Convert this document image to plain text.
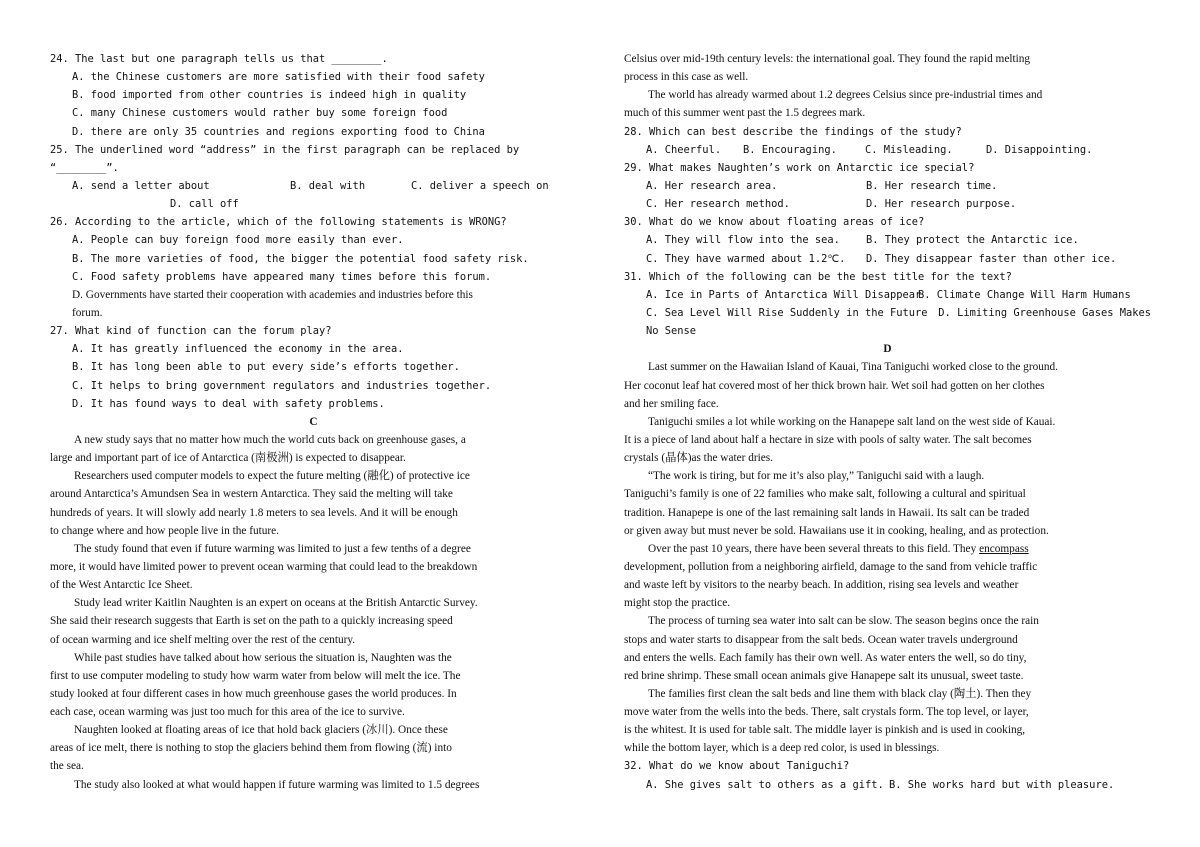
24. The last but one paragraph tells us that ________.
A. the Chinese customers are more satisfied with their food safety
B. food imported from other countries is indeed high in quality
C. many Chinese customers would rather buy some foreign food
D. there are only 35 countries and regions exporting food to China
25. The underlined word “address” in the first paragraph can be replaced by
“________”.
A. send a letter about	B. deal with	C. deliver a speech on
D. call off
26. According to the article, which of the following statements is WRONG?
A. People can buy foreign food more easily than ever.
B. The more varieties of food, the bigger the potential food safety risk.
C. Food safety problems have appeared many times before this forum.
D. Governments have started their cooperation with academies and industries before this
forum.
27. What kind of function can the forum play?
A. It has greatly influenced the economy in the area.
B. It has long been able to put every side’s efforts together.
C. It helps to bring government regulators and industries together.
D. It has found ways to deal with safety problems.
C
A new study says that no matter how much the world cuts back on greenhouse gases, a
large and important part of ice of Antarctica (南极洲) is expected to disappear.
Researchers used computer models to expect the future melting (融化) of protective ice
around Antarctica’s Amundsen Sea in western Antarctica. They said the melting will take
hundreds of years. It will slowly add nearly 1.8 meters to sea levels. And it will be enough
to change where and how people live in the future.
The study found that even if future warming was limited to just a few tenths of a degree
more, it would have limited power to prevent ocean warming that could lead to the breakdown
of the West Antarctic Ice Sheet.
Study lead writer Kaitlin Naughten is an expert on oceans at the British Antarctic Survey.
She said their research suggests that Earth is set on the path to a quickly increasing speed
of ocean warming and ice shelf melting over the rest of the century.
While past studies have talked about how serious the situation is, Naughten was the
first to use computer modeling to study how warm water from below will melt the ice. The
study looked at four different cases in how much greenhouse gases the world produces. In
each case, ocean warming was just too much for this area of the ice to survive.
Naughten looked at floating areas of ice that hold back glaciers (冰川). Once these
areas of ice melt, there is nothing to stop the glaciers behind them from flowing (流) into
the sea.
The study also looked at what would happen if future warming was limited to 1.5 degrees
Celsius over mid-19th century levels: the international goal. They found the rapid melting
process in this case as well.
The world has already warmed about 1.2 degrees Celsius since pre-industrial times and
much of this summer went past the 1.5 degrees mark.
28. Which can best describe the findings of the study?
A. Cheerful.	B. Encouraging.	C. Misleading.	D. Disappointing.
29. What makes Naughten’s work on Antarctic ice special?
A. Her research area.	B. Her research time.
C. Her research method.	D. Her research purpose.
30. What do we know about floating areas of ice?
A. They will flow into the sea.	B. They protect the Antarctic ice.
C. They have warmed about 1.2℃.	D. They disappear faster than other ice.
31. Which of the following can be the best title for the text?
A. Ice in Parts of Antarctica Will Disappear
B. Climate Change Will Harm Humans
C. Sea Level Will Rise Suddenly in the Future	D. Limiting Greenhouse Gases Makes
No Sense
D
Last summer on the Hawaiian Island of Kauai, Tina Taniguchi worked close to the ground.
Her coconut leaf hat covered most of her thick brown hair. Wet soil had gotten on her clothes
and her smiling face.
Taniguchi smiles a lot while working on the Hanapepe salt land on the west side of Kauai.
It is a piece of land about half a hectare in size with pools of salty water. The salt becomes
crystals (晶体)as the water dries.
“The work is tiring, but for me it’s also play,” Taniguchi said with a laugh.
Taniguchi’s family is one of 22 families who make salt, following a cultural and spiritual
tradition. Hanapepe is one of the last remaining salt lands in Hawaii. Its salt can be traded
or given away but must never be sold. Hawaiians use it in cooking, healing, and as protection.
Over the past 10 years, there have been several threats to this field. They encompass
development, pollution from a neighboring airfield, damage to the sand from vehicle traffic
and waste left by visitors to the nearby beach. In addition, rising sea levels and weather
might stop the practice.
The process of turning sea water into salt can be slow. The season begins once the rain
stops and water starts to disappear from the salt beds. Ocean water travels underground
and enters the wells. Each family has their own well. As water enters the well, so do tiny,
red brine shrimp. These small ocean animals give Hanapepe salt its unusual, sweet taste.
The families first clean the salt beds and line them with black clay (陶土). Then they
move water from the wells into the beds. There, salt crystals form. The top level, or layer,
is the whitest. It is used for table salt. The middle layer is pinkish and is used in cooking,
while the bottom layer, which is a deep red color, is used in blessings.
32. What do we know about Taniguchi?
A. She gives salt to others as a gift. B. She works hard but with pleasure.
